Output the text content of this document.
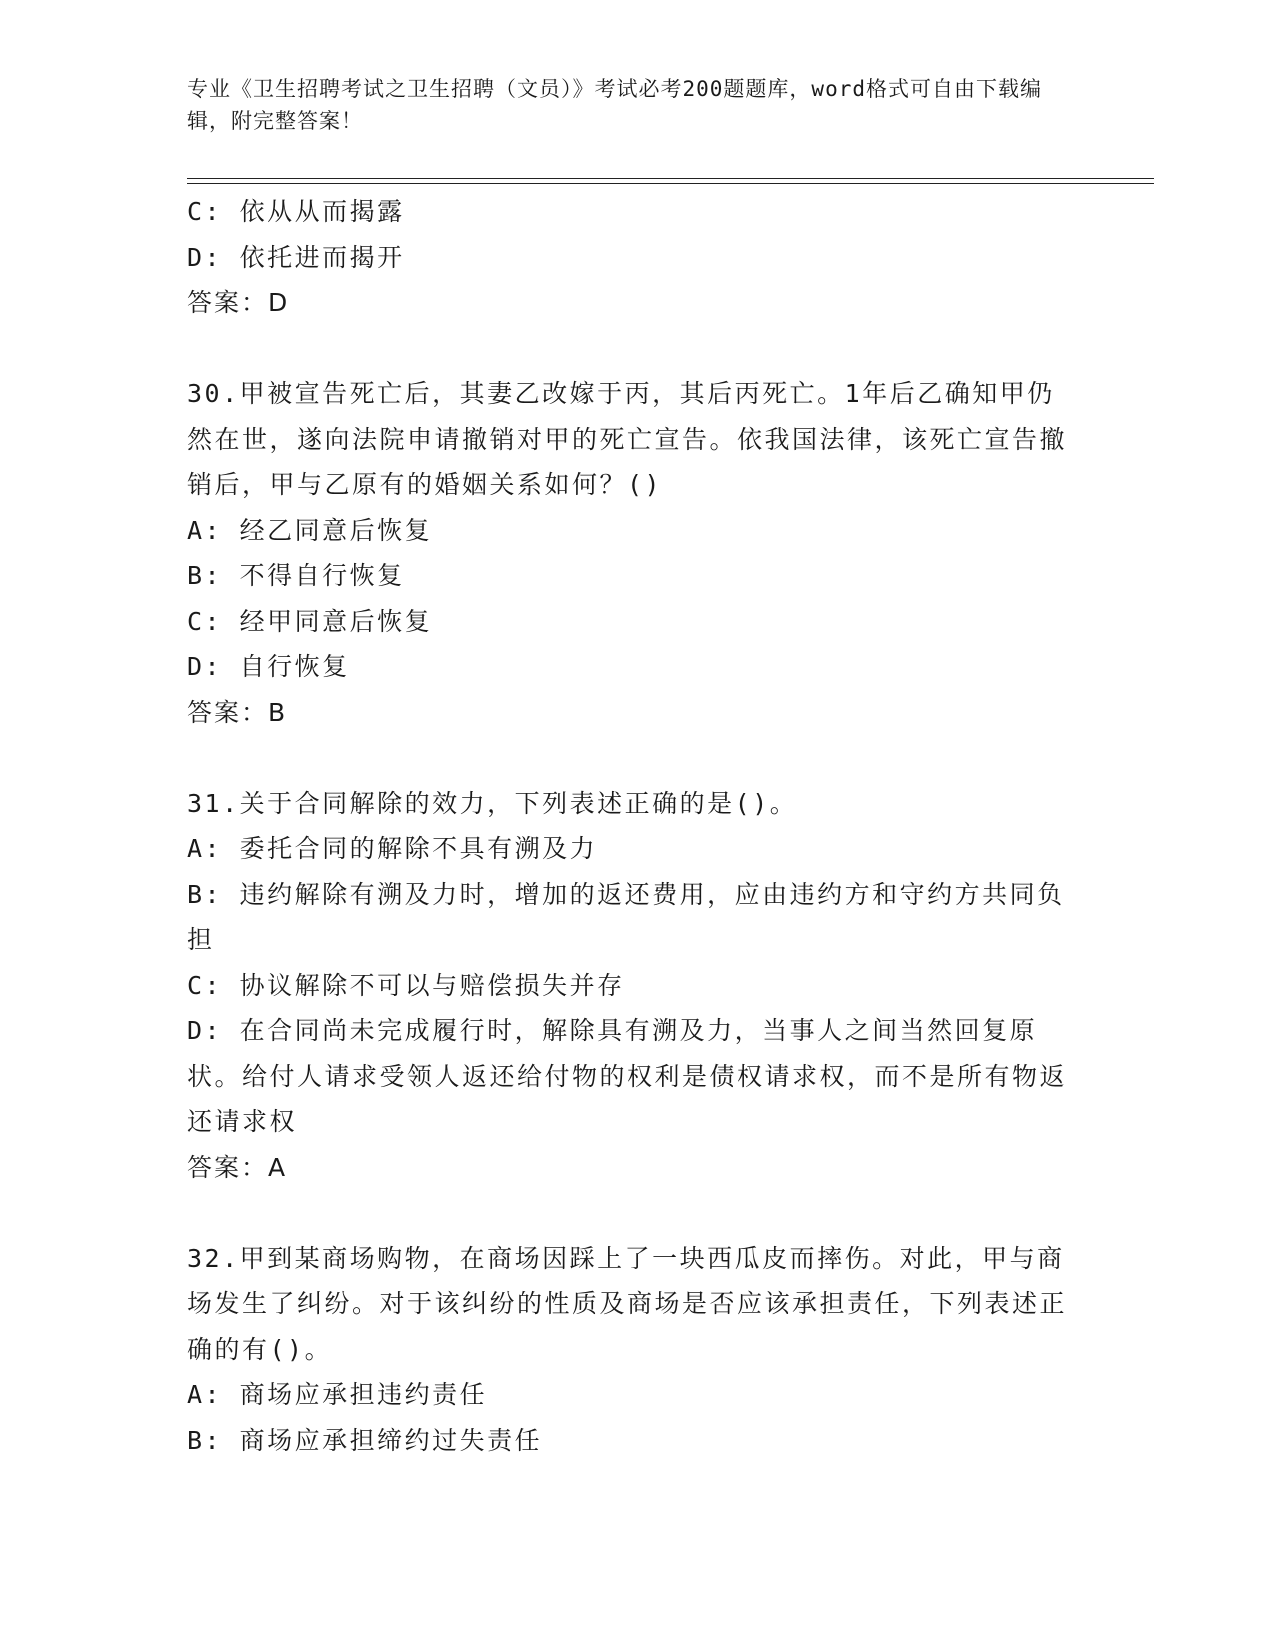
专业《卫生招聘考试之卫生招聘（文员）》考试必考200题题库，word格式可自由下载编辑，附完整答案！

C: 依从从而揭露

D: 依托进而揭开

答案：D

30.甲被宣告死亡后，其妻乙改嫁于丙，其后丙死亡。1年后乙确知甲仍然在世，遂向法院申请撤销对甲的死亡宣告。依我国法律，该死亡宣告撤销后，甲与乙原有的婚姻关系如何？()

A: 经乙同意后恢复

B: 不得自行恢复

C: 经甲同意后恢复

D: 自行恢复

答案：B

31.关于合同解除的效力，下列表述正确的是()。

A: 委托合同的解除不具有溯及力

B: 违约解除有溯及力时，增加的返还费用，应由违约方和守约方共同负担

C: 协议解除不可以与赔偿损失并存

D: 在合同尚未完成履行时，解除具有溯及力，当事人之间当然回复原状。给付人请求受领人返还给付物的权利是债权请求权，而不是所有物返还请求权

答案：A

32.甲到某商场购物，在商场因踩上了一块西瓜皮而摔伤。对此，甲与商场发生了纠纷。对于该纠纷的性质及商场是否应该承担责任，下列表述正确的有()。

A: 商场应承担违约责任

B: 商场应承担缔约过失责任
